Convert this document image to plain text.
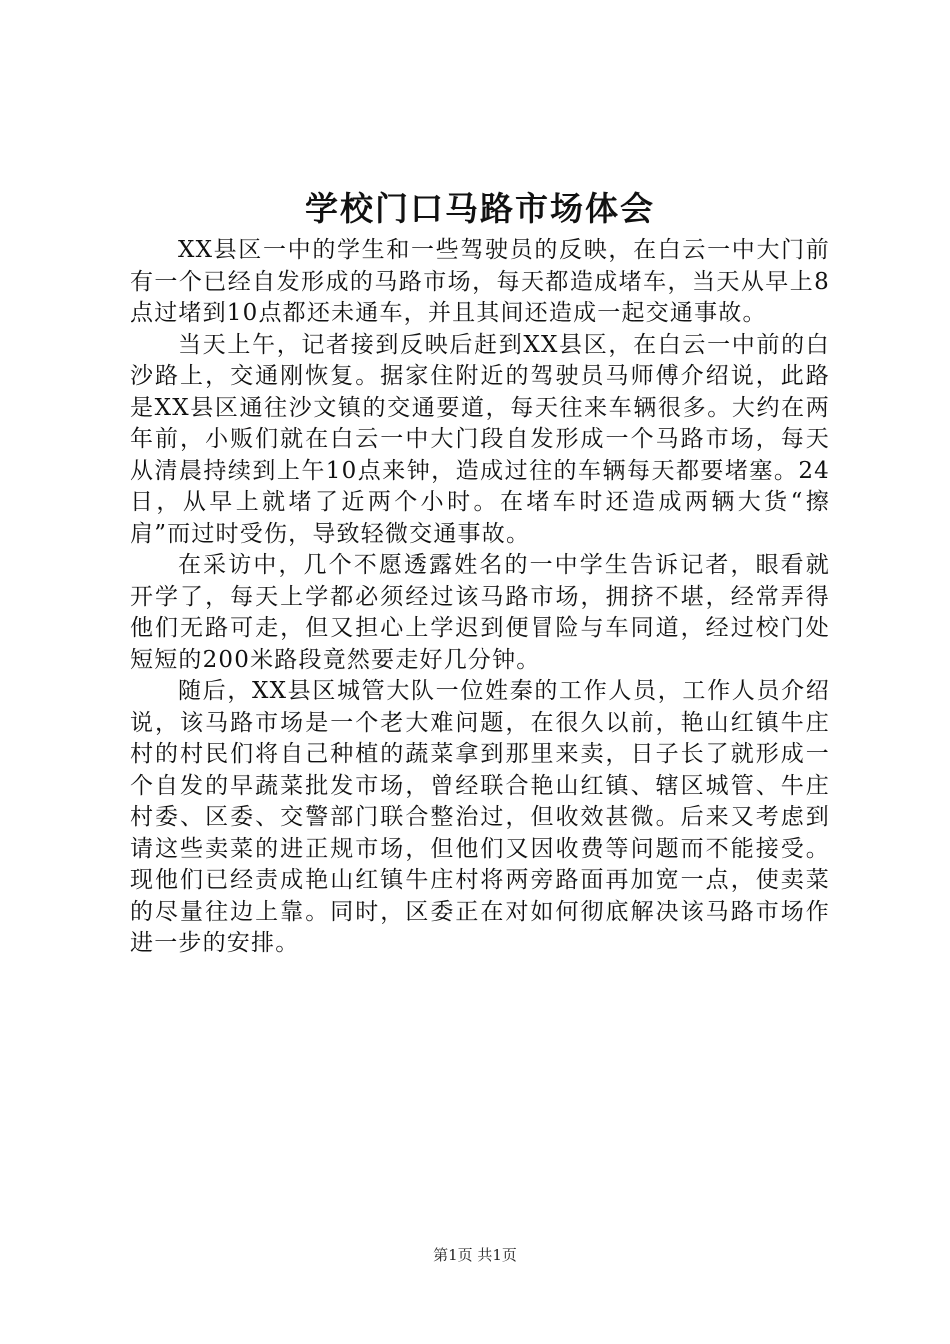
学校门口马路市场体会

XX县区一中的学生和一些驾驶员的反映，在白云一中大门前有一个已经自发形成的马路市场，每天都造成堵车，当天从早上8点过堵到10点都还未通车，并且其间还造成一起交通事故。

当天上午，记者接到反映后赶到XX县区，在白云一中前的白沙路上，交通刚恢复。据家住附近的驾驶员马师傅介绍说，此路是XX县区通往沙文镇的交通要道，每天往来车辆很多。大约在两年前，小贩们就在白云一中大门段自发形成一个马路市场，每天从清晨持续到上午10点来钟，造成过往的车辆每天都要堵塞。24日，从早上就堵了近两个小时。在堵车时还造成两辆大货“擦肩”而过时受伤，导致轻微交通事故。

在采访中，几个不愿透露姓名的一中学生告诉记者，眼看就开学了，每天上学都必须经过该马路市场，拥挤不堪，经常弄得他们无路可走，但又担心上学迟到便冒险与车同道，经过校门处短短的200米路段竟然要走好几分钟。

随后，XX县区城管大队一位姓秦的工作人员，工作人员介绍说，该马路市场是一个老大难问题，在很久以前，艳山红镇牛庄村的村民们将自己种植的蔬菜拿到那里来卖，日子长了就形成一个自发的早蔬菜批发市场，曾经联合艳山红镇、辖区城管、牛庄村委、区委、交警部门联合整治过，但收效甚微。后来又考虑到请这些卖菜的进正规市场，但他们又因收费等问题而不能接受。现他们已经责成艳山红镇牛庄村将两旁路面再加宽一点，使卖菜的尽量往边上靠。同时，区委正在对如何彻底解决该马路市场作进一步的安排。

第1页 共1页
